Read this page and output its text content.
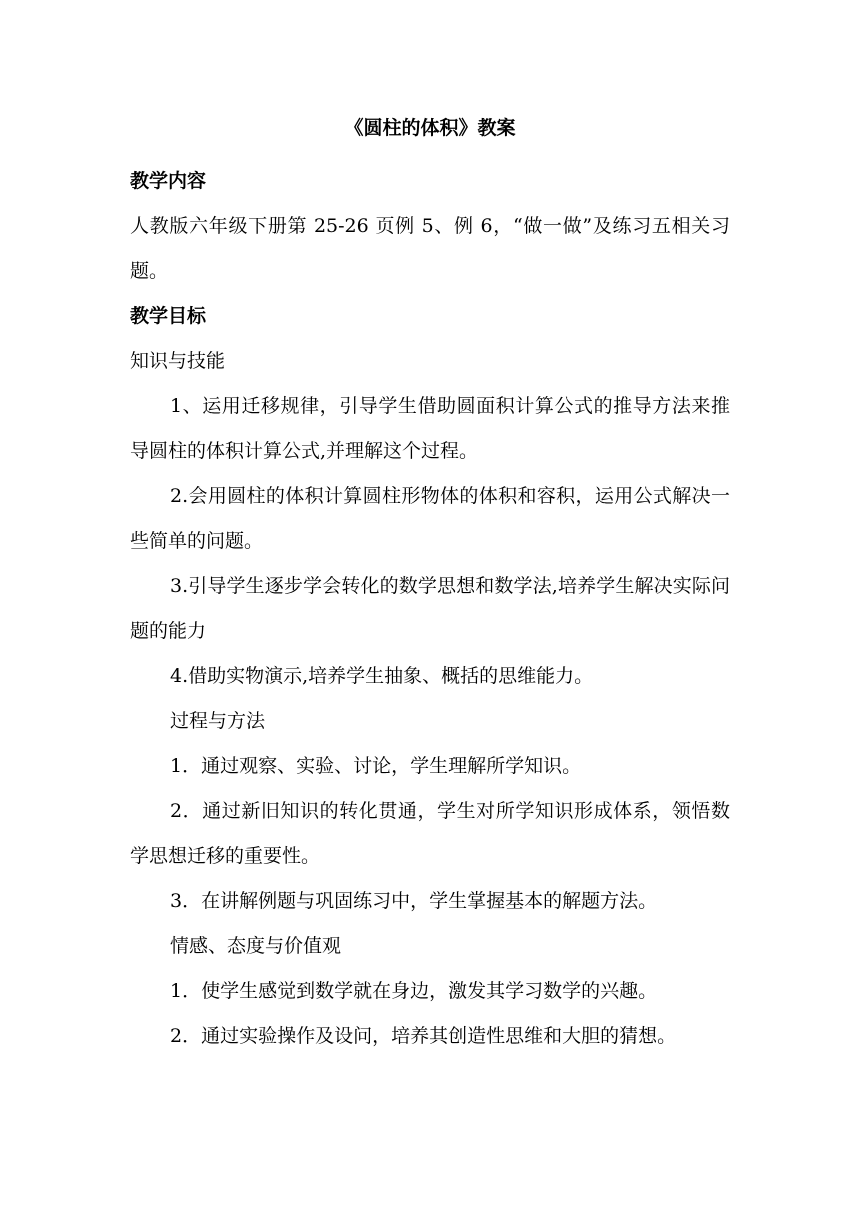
《圆柱的体积》教案
教学内容
人教版六年级下册第 25-26 页例 5、例 6，“做一做”及练习五相关习题。
教学目标
知识与技能
1、运用迁移规律，引导学生借助圆面积计算公式的推导方法来推导圆柱的体积计算公式,并理解这个过程。
2.会用圆柱的体积计算圆柱形物体的体积和容积，运用公式解决一些简单的问题。
3.引导学生逐步学会转化的数学思想和数学法,培养学生解决实际问题的能力
4.借助实物演示,培养学生抽象、概括的思维能力。
过程与方法
1．通过观察、实验、讨论，学生理解所学知识。
2．通过新旧知识的转化贯通，学生对所学知识形成体系，领悟数学思想迁移的重要性。
3．在讲解例题与巩固练习中，学生掌握基本的解题方法。
情感、态度与价值观
1．使学生感觉到数学就在身边，激发其学习数学的兴趣。
2．通过实验操作及设问，培养其创造性思维和大胆的猜想。
